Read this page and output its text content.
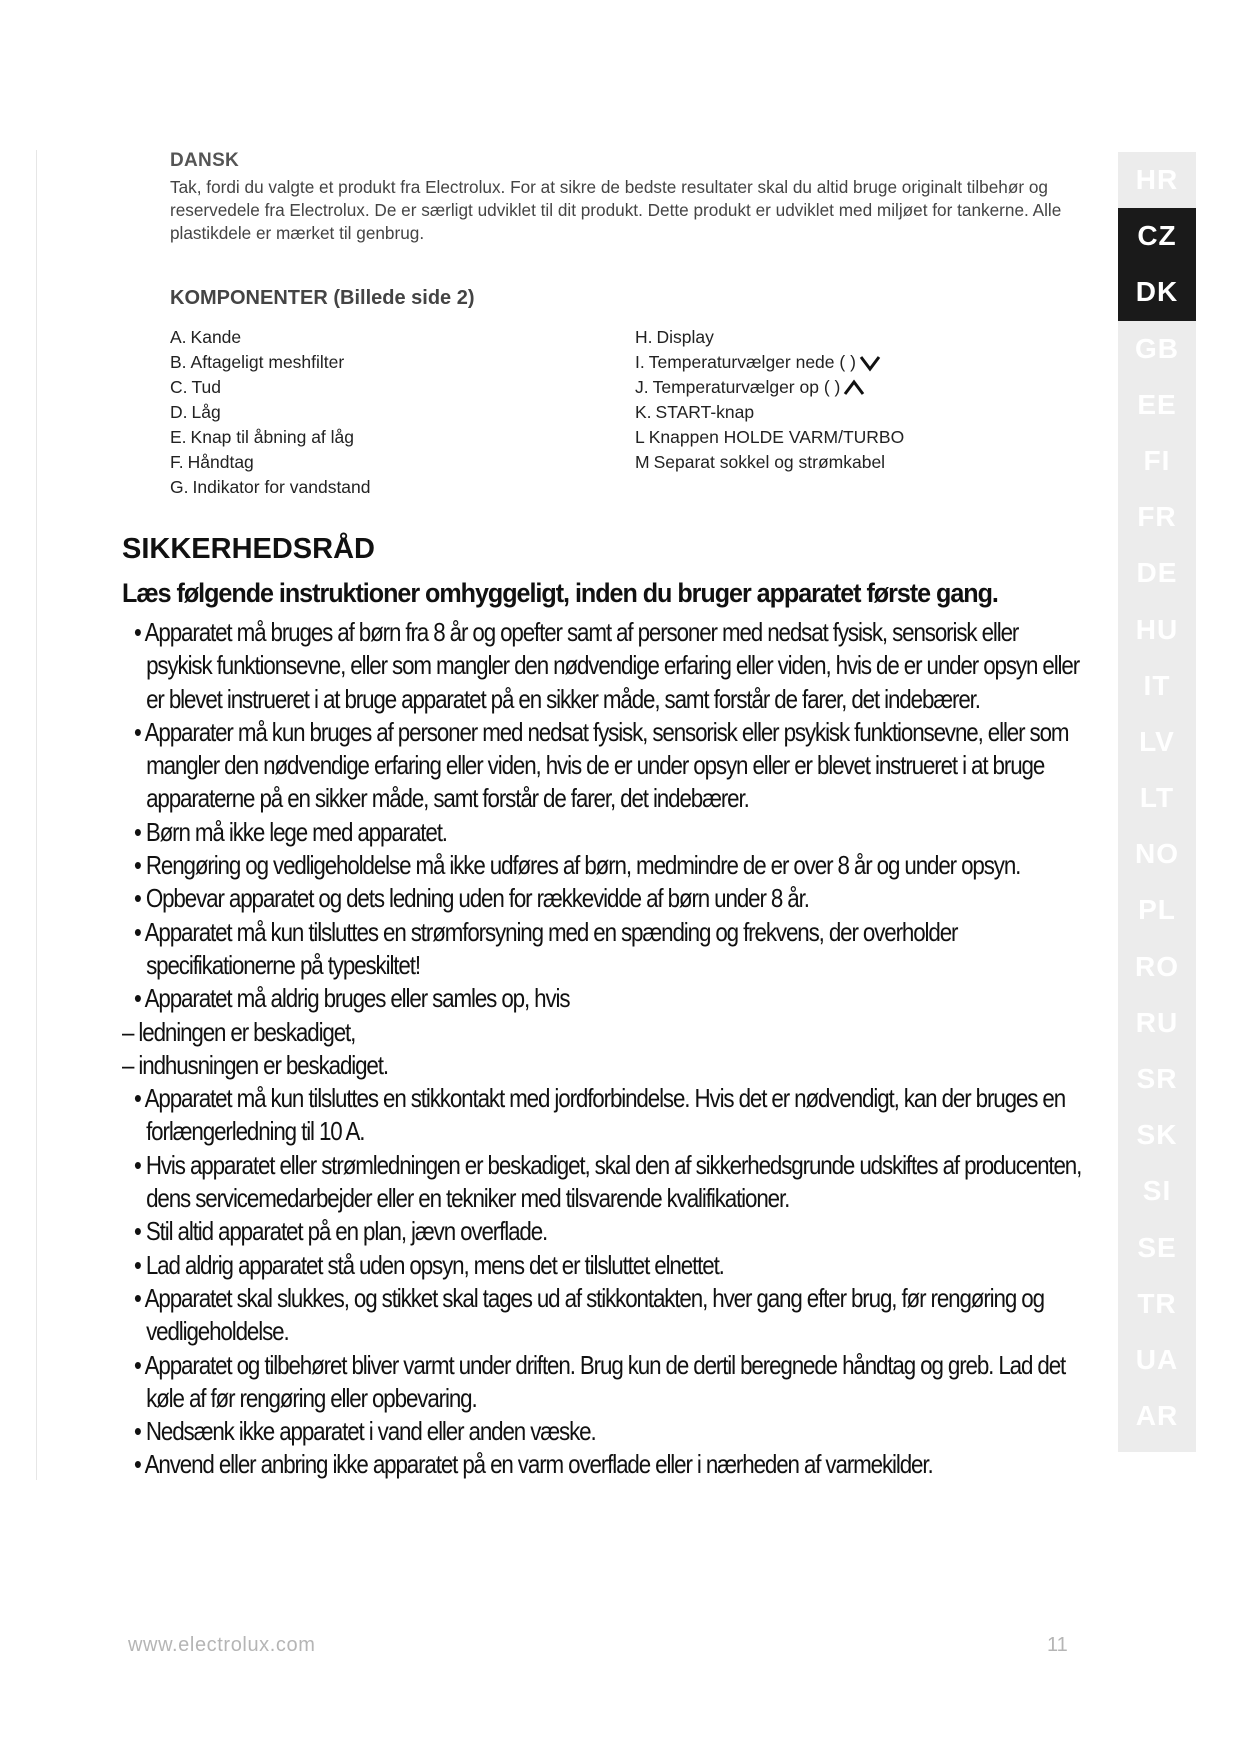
DANSK

Tak, fordi du valgte et produkt fra Electrolux. For at sikre de bedste resultater skal du altid bruge originalt tilbehør og reservedele fra Electrolux. De er særligt udviklet til dit produkt. Dette produkt er udviklet med miljøet for tankerne. Alle plastikdele er mærket til genbrug.

KOMPONENTER (Billede side 2)
A. Kande
B. Aftageligt meshfilter
C. Tud
D. Låg
E. Knap til åbning af låg
F. Håndtag
G. Indikator for vandstand
H. Display
I. Temperaturvælger nede ( )
J. Temperaturvælger op ( )
K. START-knap
L Knappen HOLDE VARM/TURBO
M Separat sokkel og strømkabel
SIKKERHEDSRÅD
Læs følgende instruktioner omhyggeligt, inden du bruger apparatet første gang.
• Apparatet må bruges af børn fra 8 år og opefter samt af personer med nedsat fysisk, sensorisk eller psykisk funktionsevne, eller som mangler den nødvendige erfaring eller viden, hvis de er under opsyn eller er blevet instrueret i at bruge apparatet på en sikker måde, samt forstår de farer, det indebærer.
• Apparater må kun bruges af personer med nedsat fysisk, sensorisk eller psykisk funktionsevne, eller som mangler den nødvendige erfaring eller viden, hvis de er under opsyn eller er blevet instrueret i at bruge apparaterne på en sikker måde, samt forstår de farer, det indebærer.
• Børn må ikke lege med apparatet.
• Rengøring og vedligeholdelse må ikke udføres af børn, medmindre de er over 8 år og under opsyn.
• Opbevar apparatet og dets ledning uden for rækkevidde af børn under 8 år.
• Apparatet må kun tilsluttes en strømforsyning med en spænding og frekvens, der overholder specifikationerne på typeskiltet!
• Apparatet må aldrig bruges eller samles op, hvis
– ledningen er beskadiget,
– indhusningen er beskadiget.
• Apparatet må kun tilsluttes en stikkontakt med jordforbindelse. Hvis det er nødvendigt, kan der bruges en forlængerledning til 10 A.
• Hvis apparatet eller strømledningen er beskadiget, skal den af sikkerhedsgrunde udskiftes af producenten, dens servicemedarbejder eller en tekniker med tilsvarende kvalifikationer.
• Stil altid apparatet på en plan, jævn overflade.
• Lad aldrig apparatet stå uden opsyn, mens det er tilsluttet elnettet.
• Apparatet skal slukkes, og stikket skal tages ud af stikkontakten, hver gang efter brug, før rengøring og vedligeholdelse.
• Apparatet og tilbehøret bliver varmt under driften. Brug kun de dertil beregnede håndtag og greb. Lad det køle af før rengøring eller opbevaring.
• Nedsænk ikke apparatet i vand eller anden væske.
• Anvend eller anbring ikke apparatet på en varm overflade eller i nærheden af varmekilder.
HR
CZ
DK
GB
EE
FI
FR
DE
HU
IT
LV
LT
NO
PL
RO
RU
SR
SK
SI
SE
TR
UA
AR
www.electrolux.com	11
